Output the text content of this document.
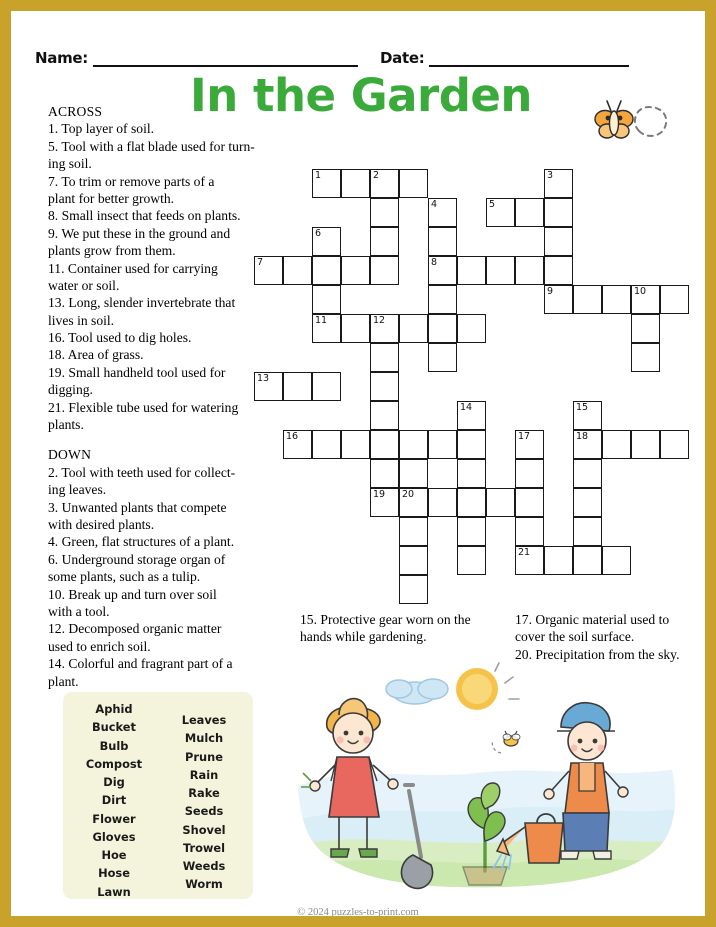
Name:	Date:
In the Garden
ACROSS
1. Top layer of soil.
5. Tool with a flat blade used for turn-
ing soil.
7. To trim or remove parts of a
plant for better growth.
8. Small insect that feeds on plants.
9. We put these in the ground and
plants grow from them.
11. Container used for carrying
water or soil.
13. Long, slender invertebrate that
lives in soil.
16. Tool used to dig holes.
18. Area of grass.
19. Small handheld tool used for
digging.
21. Flexible tube used for watering
plants.
DOWN
2. Tool with teeth used for collect-
ing leaves.
3. Unwanted plants that compete
with desired plants.
4. Green, flat structures of a plant.
6. Underground storage organ of
some plants, such as a tulip.
10. Break up and turn over soil
with a tool.
12. Decomposed organic matter
used to enrich soil.
14. Colorful and fragrant part of a
plant.
15. Protective gear worn on the
hands while gardening.
17. Organic material used to
cover the soil surface.
20. Precipitation from the sky.
1	2	3
4	5
6
7	8
9	10
11	12
13
14	15
16	17	18
19 20
21
Aphid
Bucket
Bulb
Compost
Dig
Dirt
Flower
Gloves
Hoe
Hose
Lawn
Leaves
Mulch
Prune
Rain
Rake
Seeds
Shovel
Trowel
Weeds
Worm
© 2024 puzzles-to-print.com
